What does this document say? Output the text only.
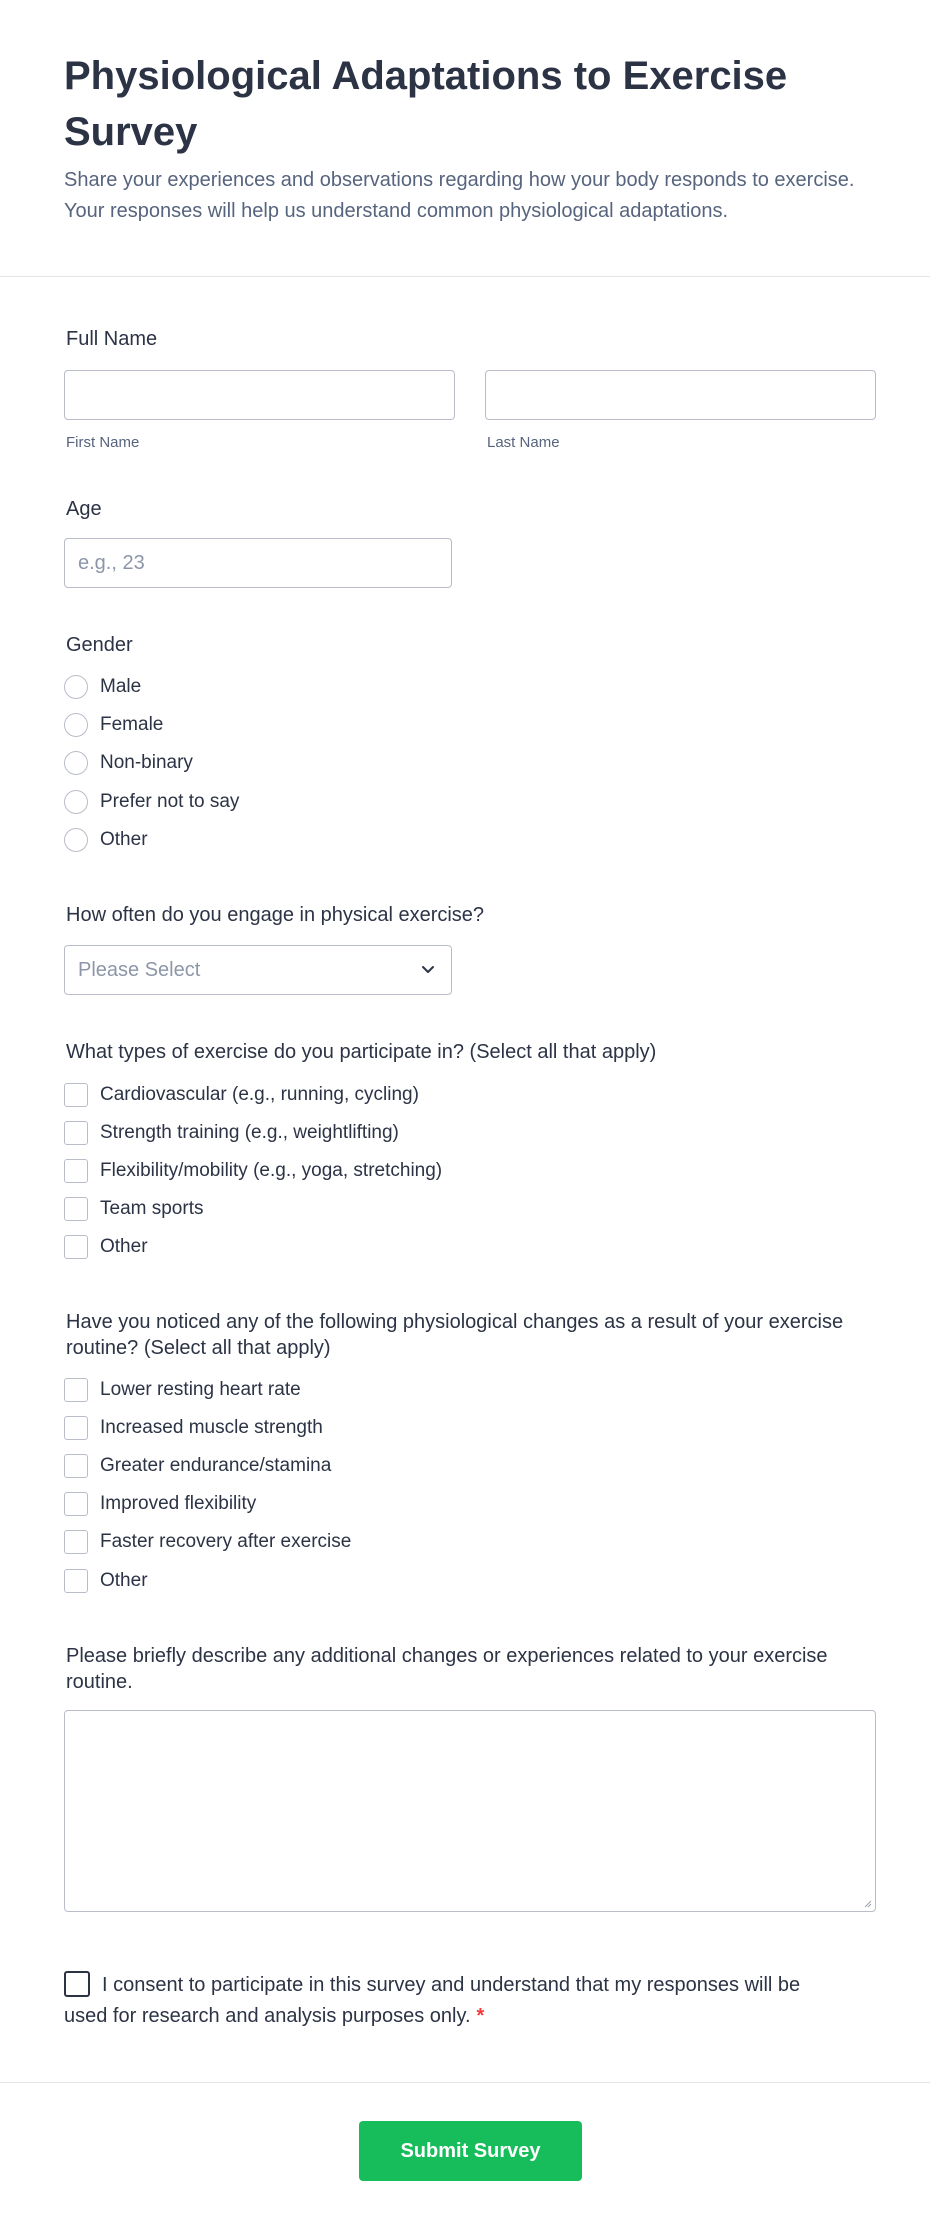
Physiological Adaptations to Exercise Survey

Share your experiences and observations regarding how your body responds to exercise. Your responses will help us understand common physiological adaptations.

Full Name
First Name	Last Name
Age
e.g., 23
Gender
Male
Female
Non-binary
Prefer not to say
Other
How often do you engage in physical exercise?
Please Select
What types of exercise do you participate in? (Select all that apply)
Cardiovascular (e.g., running, cycling)
Strength training (e.g., weightlifting)
Flexibility/mobility (e.g., yoga, stretching)
Team sports
Other
Have you noticed any of the following physiological changes as a result of your exercise routine? (Select all that apply)
Lower resting heart rate
Increased muscle strength
Greater endurance/stamina
Improved flexibility
Faster recovery after exercise
Other
Please briefly describe any additional changes or experiences related to your exercise routine.
I consent to participate in this survey and understand that my responses will be used for research and analysis purposes only. *
Submit Survey
